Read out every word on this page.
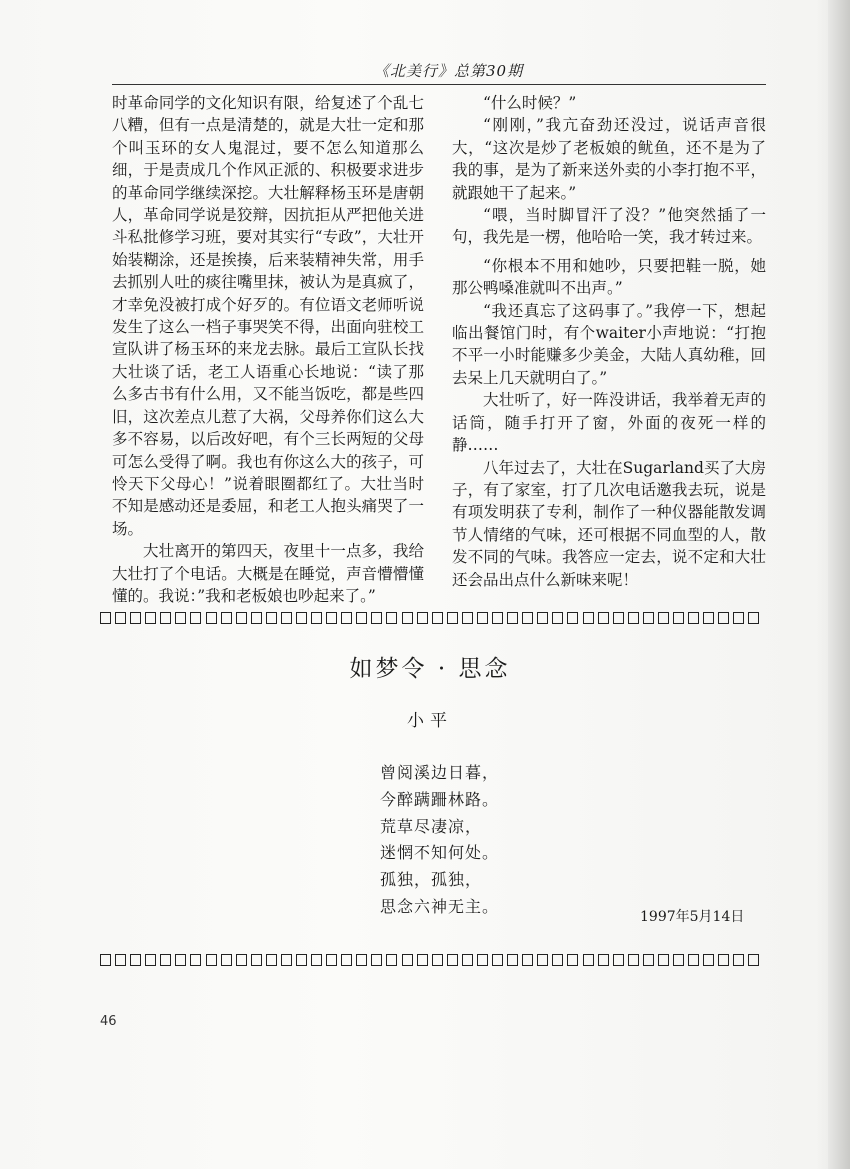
《北美行》总第30期

时革命同学的文化知识有限，给复述了个乱七八糟，但有一点是清楚的，就是大壮一定和那个叫玉环的女人鬼混过，要不怎么知道那么细，于是责成几个作风正派的、积极要求进步的革命同学继续深挖。大壮解释杨玉环是唐朝人，革命同学说是狡辩，因抗拒从严把他关进斗私批修学习班，要对其实行“专政”，大壮开始装糊涂，还是挨揍，后来装精神失常，用手去抓别人吐的痰往嘴里抹，被认为是真疯了，才幸免没被打成个好歹的。有位语文老师听说发生了这么一档子事哭笑不得，出面向驻校工宣队讲了杨玉环的来龙去脉。最后工宣队长找大壮谈了话，老工人语重心长地说：“读了那么多古书有什么用，又不能当饭吃，都是些四旧，这次差点儿惹了大祸，父母养你们这么大多不容易，以后改好吧，有个三长两短的父母可怎么受得了啊。我也有你这么大的孩子，可怜天下父母心！”说着眼圈都红了。大壮当时不知是感动还是委屈，和老工人抱头痛哭了一场。

大壮离开的第四天，夜里十一点多，我给大壮打了个电话。大概是在睡觉，声音懵懵懂懂的。我说：”我和老板娘也吵起来了。”

“什么时候？”

“刚刚，”我亢奋劲还没过，说话声音很大，“这次是炒了老板娘的鱿鱼，还不是为了我的事，是为了新来送外卖的小李打抱不平，就跟她干了起来。”

“喂，当时脚冒汗了没？”他突然插了一句，我先是一楞，他哈哈一笑，我才转过来。

“你根本不用和她吵，只要把鞋一脱，她那公鸭嗓准就叫不出声。”

“我还真忘了这码事了。”我停一下，想起临出餐馆门时，有个waiter小声地说：“打抱不平一小时能赚多少美金，大陆人真幼稚，回去呆上几天就明白了。”

大壮听了，好一阵没讲话，我举着无声的话筒，随手打开了窗，外面的夜死一样的静……

八年过去了，大壮在Sugarland买了大房子，有了家室，打了几次电话邀我去玩，说是有项发明获了专利，制作了一种仪器能散发调节人情绪的气味，还可根据不同血型的人，散发不同的气味。我答应一定去，说不定和大壮还会品出点什么新味来呢！

如梦令 · 思念
小平
曾阅溪边日暮，
今醉蹒跚林路。
荒草尽凄凉，
迷惘不知何处。
孤独，孤独，
思念六神无主。
1997年5月14日
46
